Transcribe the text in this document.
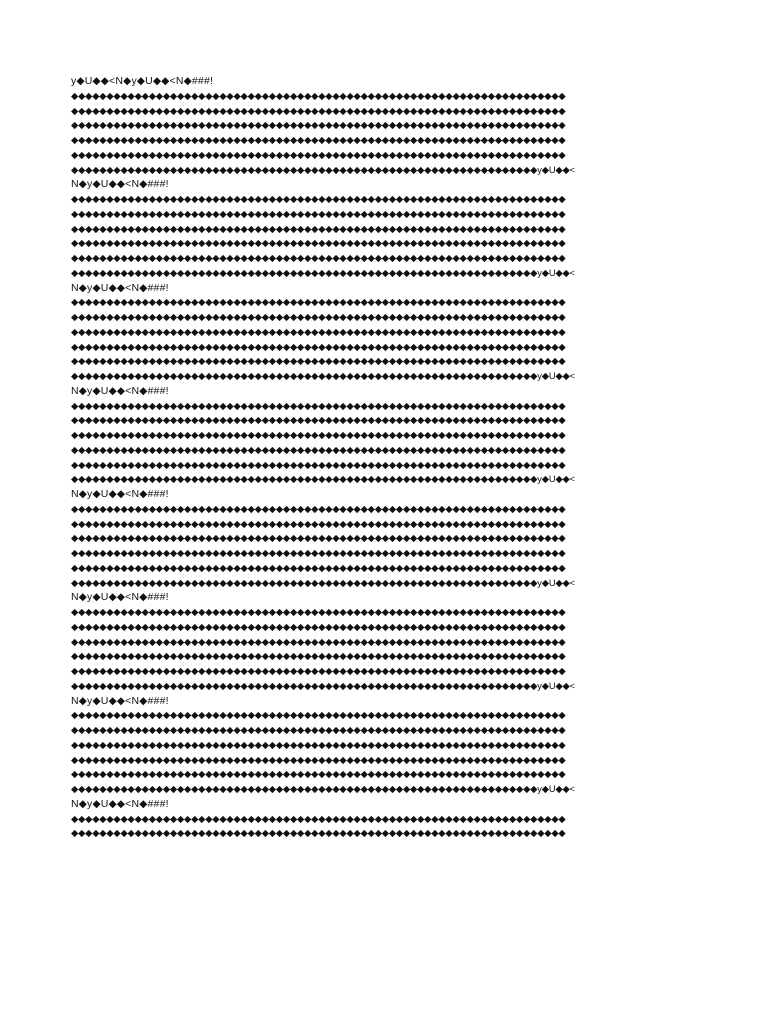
y◆U◆◆<N◆y◆U◆◆<N◆###!
◆◆◆◆◆◆◆◆◆◆◆◆◆◆◆◆◆◆◆◆◆◆◆◆◆◆◆◆◆◆◆◆◆◆◆◆◆◆◆◆◆◆◆◆◆◆◆◆◆◆◆◆◆◆◆◆◆◆◆◆◆◆◆◆◆◆◆◆◆◆
◆◆◆◆◆◆◆◆◆◆◆◆◆◆◆◆◆◆◆◆◆◆◆◆◆◆◆◆◆◆◆◆◆◆◆◆◆◆◆◆◆◆◆◆◆◆◆◆◆◆◆◆◆◆◆◆◆◆◆◆◆◆◆◆◆◆◆◆◆◆
◆◆◆◆◆◆◆◆◆◆◆◆◆◆◆◆◆◆◆◆◆◆◆◆◆◆◆◆◆◆◆◆◆◆◆◆◆◆◆◆◆◆◆◆◆◆◆◆◆◆◆◆◆◆◆◆◆◆◆◆◆◆◆◆◆◆◆◆◆◆
◆◆◆◆◆◆◆◆◆◆◆◆◆◆◆◆◆◆◆◆◆◆◆◆◆◆◆◆◆◆◆◆◆◆◆◆◆◆◆◆◆◆◆◆◆◆◆◆◆◆◆◆◆◆◆◆◆◆◆◆◆◆◆◆◆◆◆◆◆◆
◆◆◆◆◆◆◆◆◆◆◆◆◆◆◆◆◆◆◆◆◆◆◆◆◆◆◆◆◆◆◆◆◆◆◆◆◆◆◆◆◆◆◆◆◆◆◆◆◆◆◆◆◆◆◆◆◆◆◆◆◆◆◆◆◆◆◆◆◆◆
◆◆◆◆◆◆◆◆◆◆◆◆◆◆◆◆◆◆◆◆◆◆◆◆◆◆◆◆◆◆◆◆◆◆◆◆◆◆◆◆◆◆◆◆◆◆◆◆◆◆◆◆◆◆◆◆◆◆◆◆◆◆◆◆◆◆y◆U◆◆<
N◆y◆U◆◆<N◆###!
◆◆◆◆◆◆◆◆◆◆◆◆◆◆◆◆◆◆◆◆◆◆◆◆◆◆◆◆◆◆◆◆◆◆◆◆◆◆◆◆◆◆◆◆◆◆◆◆◆◆◆◆◆◆◆◆◆◆◆◆◆◆◆◆◆◆◆◆◆◆
◆◆◆◆◆◆◆◆◆◆◆◆◆◆◆◆◆◆◆◆◆◆◆◆◆◆◆◆◆◆◆◆◆◆◆◆◆◆◆◆◆◆◆◆◆◆◆◆◆◆◆◆◆◆◆◆◆◆◆◆◆◆◆◆◆◆◆◆◆◆
◆◆◆◆◆◆◆◆◆◆◆◆◆◆◆◆◆◆◆◆◆◆◆◆◆◆◆◆◆◆◆◆◆◆◆◆◆◆◆◆◆◆◆◆◆◆◆◆◆◆◆◆◆◆◆◆◆◆◆◆◆◆◆◆◆◆◆◆◆◆
◆◆◆◆◆◆◆◆◆◆◆◆◆◆◆◆◆◆◆◆◆◆◆◆◆◆◆◆◆◆◆◆◆◆◆◆◆◆◆◆◆◆◆◆◆◆◆◆◆◆◆◆◆◆◆◆◆◆◆◆◆◆◆◆◆◆◆◆◆◆
◆◆◆◆◆◆◆◆◆◆◆◆◆◆◆◆◆◆◆◆◆◆◆◆◆◆◆◆◆◆◆◆◆◆◆◆◆◆◆◆◆◆◆◆◆◆◆◆◆◆◆◆◆◆◆◆◆◆◆◆◆◆◆◆◆◆◆◆◆◆
◆◆◆◆◆◆◆◆◆◆◆◆◆◆◆◆◆◆◆◆◆◆◆◆◆◆◆◆◆◆◆◆◆◆◆◆◆◆◆◆◆◆◆◆◆◆◆◆◆◆◆◆◆◆◆◆◆◆◆◆◆◆◆◆◆◆y◆U◆◆<
N◆y◆U◆◆<N◆###!
◆◆◆◆◆◆◆◆◆◆◆◆◆◆◆◆◆◆◆◆◆◆◆◆◆◆◆◆◆◆◆◆◆◆◆◆◆◆◆◆◆◆◆◆◆◆◆◆◆◆◆◆◆◆◆◆◆◆◆◆◆◆◆◆◆◆◆◆◆◆
◆◆◆◆◆◆◆◆◆◆◆◆◆◆◆◆◆◆◆◆◆◆◆◆◆◆◆◆◆◆◆◆◆◆◆◆◆◆◆◆◆◆◆◆◆◆◆◆◆◆◆◆◆◆◆◆◆◆◆◆◆◆◆◆◆◆◆◆◆◆
◆◆◆◆◆◆◆◆◆◆◆◆◆◆◆◆◆◆◆◆◆◆◆◆◆◆◆◆◆◆◆◆◆◆◆◆◆◆◆◆◆◆◆◆◆◆◆◆◆◆◆◆◆◆◆◆◆◆◆◆◆◆◆◆◆◆◆◆◆◆
◆◆◆◆◆◆◆◆◆◆◆◆◆◆◆◆◆◆◆◆◆◆◆◆◆◆◆◆◆◆◆◆◆◆◆◆◆◆◆◆◆◆◆◆◆◆◆◆◆◆◆◆◆◆◆◆◆◆◆◆◆◆◆◆◆◆◆◆◆◆
◆◆◆◆◆◆◆◆◆◆◆◆◆◆◆◆◆◆◆◆◆◆◆◆◆◆◆◆◆◆◆◆◆◆◆◆◆◆◆◆◆◆◆◆◆◆◆◆◆◆◆◆◆◆◆◆◆◆◆◆◆◆◆◆◆◆◆◆◆◆
◆◆◆◆◆◆◆◆◆◆◆◆◆◆◆◆◆◆◆◆◆◆◆◆◆◆◆◆◆◆◆◆◆◆◆◆◆◆◆◆◆◆◆◆◆◆◆◆◆◆◆◆◆◆◆◆◆◆◆◆◆◆◆◆◆◆y◆U◆◆<
N◆y◆U◆◆<N◆###!
◆◆◆◆◆◆◆◆◆◆◆◆◆◆◆◆◆◆◆◆◆◆◆◆◆◆◆◆◆◆◆◆◆◆◆◆◆◆◆◆◆◆◆◆◆◆◆◆◆◆◆◆◆◆◆◆◆◆◆◆◆◆◆◆◆◆◆◆◆◆
◆◆◆◆◆◆◆◆◆◆◆◆◆◆◆◆◆◆◆◆◆◆◆◆◆◆◆◆◆◆◆◆◆◆◆◆◆◆◆◆◆◆◆◆◆◆◆◆◆◆◆◆◆◆◆◆◆◆◆◆◆◆◆◆◆◆◆◆◆◆
◆◆◆◆◆◆◆◆◆◆◆◆◆◆◆◆◆◆◆◆◆◆◆◆◆◆◆◆◆◆◆◆◆◆◆◆◆◆◆◆◆◆◆◆◆◆◆◆◆◆◆◆◆◆◆◆◆◆◆◆◆◆◆◆◆◆◆◆◆◆
◆◆◆◆◆◆◆◆◆◆◆◆◆◆◆◆◆◆◆◆◆◆◆◆◆◆◆◆◆◆◆◆◆◆◆◆◆◆◆◆◆◆◆◆◆◆◆◆◆◆◆◆◆◆◆◆◆◆◆◆◆◆◆◆◆◆◆◆◆◆
◆◆◆◆◆◆◆◆◆◆◆◆◆◆◆◆◆◆◆◆◆◆◆◆◆◆◆◆◆◆◆◆◆◆◆◆◆◆◆◆◆◆◆◆◆◆◆◆◆◆◆◆◆◆◆◆◆◆◆◆◆◆◆◆◆◆◆◆◆◆
◆◆◆◆◆◆◆◆◆◆◆◆◆◆◆◆◆◆◆◆◆◆◆◆◆◆◆◆◆◆◆◆◆◆◆◆◆◆◆◆◆◆◆◆◆◆◆◆◆◆◆◆◆◆◆◆◆◆◆◆◆◆◆◆◆◆y◆U◆◆<
N◆y◆U◆◆<N◆###!
◆◆◆◆◆◆◆◆◆◆◆◆◆◆◆◆◆◆◆◆◆◆◆◆◆◆◆◆◆◆◆◆◆◆◆◆◆◆◆◆◆◆◆◆◆◆◆◆◆◆◆◆◆◆◆◆◆◆◆◆◆◆◆◆◆◆◆◆◆◆
◆◆◆◆◆◆◆◆◆◆◆◆◆◆◆◆◆◆◆◆◆◆◆◆◆◆◆◆◆◆◆◆◆◆◆◆◆◆◆◆◆◆◆◆◆◆◆◆◆◆◆◆◆◆◆◆◆◆◆◆◆◆◆◆◆◆◆◆◆◆
◆◆◆◆◆◆◆◆◆◆◆◆◆◆◆◆◆◆◆◆◆◆◆◆◆◆◆◆◆◆◆◆◆◆◆◆◆◆◆◆◆◆◆◆◆◆◆◆◆◆◆◆◆◆◆◆◆◆◆◆◆◆◆◆◆◆◆◆◆◆
◆◆◆◆◆◆◆◆◆◆◆◆◆◆◆◆◆◆◆◆◆◆◆◆◆◆◆◆◆◆◆◆◆◆◆◆◆◆◆◆◆◆◆◆◆◆◆◆◆◆◆◆◆◆◆◆◆◆◆◆◆◆◆◆◆◆◆◆◆◆
◆◆◆◆◆◆◆◆◆◆◆◆◆◆◆◆◆◆◆◆◆◆◆◆◆◆◆◆◆◆◆◆◆◆◆◆◆◆◆◆◆◆◆◆◆◆◆◆◆◆◆◆◆◆◆◆◆◆◆◆◆◆◆◆◆◆◆◆◆◆
◆◆◆◆◆◆◆◆◆◆◆◆◆◆◆◆◆◆◆◆◆◆◆◆◆◆◆◆◆◆◆◆◆◆◆◆◆◆◆◆◆◆◆◆◆◆◆◆◆◆◆◆◆◆◆◆◆◆◆◆◆◆◆◆◆◆y◆U◆◆<
N◆y◆U◆◆<N◆###!
◆◆◆◆◆◆◆◆◆◆◆◆◆◆◆◆◆◆◆◆◆◆◆◆◆◆◆◆◆◆◆◆◆◆◆◆◆◆◆◆◆◆◆◆◆◆◆◆◆◆◆◆◆◆◆◆◆◆◆◆◆◆◆◆◆◆◆◆◆◆
◆◆◆◆◆◆◆◆◆◆◆◆◆◆◆◆◆◆◆◆◆◆◆◆◆◆◆◆◆◆◆◆◆◆◆◆◆◆◆◆◆◆◆◆◆◆◆◆◆◆◆◆◆◆◆◆◆◆◆◆◆◆◆◆◆◆◆◆◆◆
◆◆◆◆◆◆◆◆◆◆◆◆◆◆◆◆◆◆◆◆◆◆◆◆◆◆◆◆◆◆◆◆◆◆◆◆◆◆◆◆◆◆◆◆◆◆◆◆◆◆◆◆◆◆◆◆◆◆◆◆◆◆◆◆◆◆◆◆◆◆
◆◆◆◆◆◆◆◆◆◆◆◆◆◆◆◆◆◆◆◆◆◆◆◆◆◆◆◆◆◆◆◆◆◆◆◆◆◆◆◆◆◆◆◆◆◆◆◆◆◆◆◆◆◆◆◆◆◆◆◆◆◆◆◆◆◆◆◆◆◆
◆◆◆◆◆◆◆◆◆◆◆◆◆◆◆◆◆◆◆◆◆◆◆◆◆◆◆◆◆◆◆◆◆◆◆◆◆◆◆◆◆◆◆◆◆◆◆◆◆◆◆◆◆◆◆◆◆◆◆◆◆◆◆◆◆◆◆◆◆◆
◆◆◆◆◆◆◆◆◆◆◆◆◆◆◆◆◆◆◆◆◆◆◆◆◆◆◆◆◆◆◆◆◆◆◆◆◆◆◆◆◆◆◆◆◆◆◆◆◆◆◆◆◆◆◆◆◆◆◆◆◆◆◆◆◆◆y◆U◆◆<
N◆y◆U◆◆<N◆###!
◆◆◆◆◆◆◆◆◆◆◆◆◆◆◆◆◆◆◆◆◆◆◆◆◆◆◆◆◆◆◆◆◆◆◆◆◆◆◆◆◆◆◆◆◆◆◆◆◆◆◆◆◆◆◆◆◆◆◆◆◆◆◆◆◆◆◆◆◆◆
◆◆◆◆◆◆◆◆◆◆◆◆◆◆◆◆◆◆◆◆◆◆◆◆◆◆◆◆◆◆◆◆◆◆◆◆◆◆◆◆◆◆◆◆◆◆◆◆◆◆◆◆◆◆◆◆◆◆◆◆◆◆◆◆◆◆◆◆◆◆
◆◆◆◆◆◆◆◆◆◆◆◆◆◆◆◆◆◆◆◆◆◆◆◆◆◆◆◆◆◆◆◆◆◆◆◆◆◆◆◆◆◆◆◆◆◆◆◆◆◆◆◆◆◆◆◆◆◆◆◆◆◆◆◆◆◆◆◆◆◆
◆◆◆◆◆◆◆◆◆◆◆◆◆◆◆◆◆◆◆◆◆◆◆◆◆◆◆◆◆◆◆◆◆◆◆◆◆◆◆◆◆◆◆◆◆◆◆◆◆◆◆◆◆◆◆◆◆◆◆◆◆◆◆◆◆◆◆◆◆◆
◆◆◆◆◆◆◆◆◆◆◆◆◆◆◆◆◆◆◆◆◆◆◆◆◆◆◆◆◆◆◆◆◆◆◆◆◆◆◆◆◆◆◆◆◆◆◆◆◆◆◆◆◆◆◆◆◆◆◆◆◆◆◆◆◆◆◆◆◆◆
◆◆◆◆◆◆◆◆◆◆◆◆◆◆◆◆◆◆◆◆◆◆◆◆◆◆◆◆◆◆◆◆◆◆◆◆◆◆◆◆◆◆◆◆◆◆◆◆◆◆◆◆◆◆◆◆◆◆◆◆◆◆◆◆◆◆y◆U◆◆<
N◆y◆U◆◆<N◆###!
◆◆◆◆◆◆◆◆◆◆◆◆◆◆◆◆◆◆◆◆◆◆◆◆◆◆◆◆◆◆◆◆◆◆◆◆◆◆◆◆◆◆◆◆◆◆◆◆◆◆◆◆◆◆◆◆◆◆◆◆◆◆◆◆◆◆◆◆◆◆
◆◆◆◆◆◆◆◆◆◆◆◆◆◆◆◆◆◆◆◆◆◆◆◆◆◆◆◆◆◆◆◆◆◆◆◆◆◆◆◆◆◆◆◆◆◆◆◆◆◆◆◆◆◆◆◆◆◆◆◆◆◆◆◆◆◆◆◆◆◆
